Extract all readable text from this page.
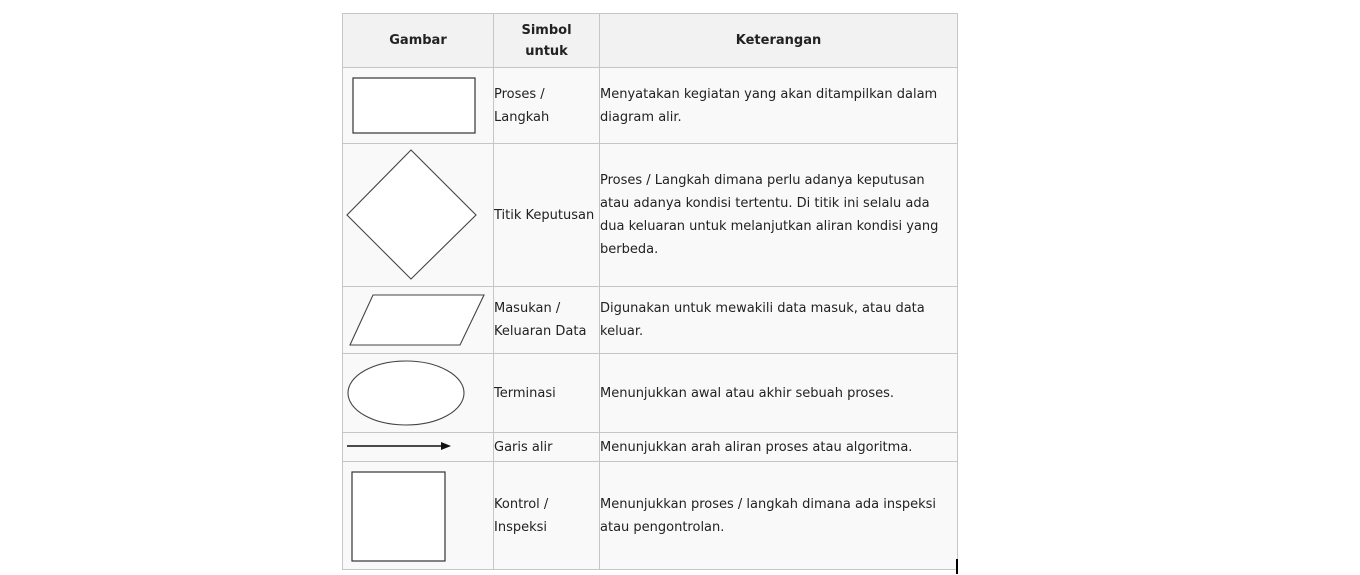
Gambar	Simbol untuk	Keterangan

	Proses / Langkah	Menyatakan kegiatan yang akan ditampilkan dalam diagram alir.

	Titik Keputusan	Proses / Langkah dimana perlu adanya keputusan atau adanya kondisi tertentu. Di titik ini selalu ada dua keluaran untuk melanjutkan aliran kondisi yang berbeda.

	Masukan / Keluaran Data	Digunakan untuk mewakili data masuk, atau data keluar.

	Terminasi	Menunjukkan awal atau akhir sebuah proses.

	Garis alir	Menunjukkan arah aliran proses atau algoritma.

	Kontrol / Inspeksi	Menunjukkan proses / langkah dimana ada inspeksi atau pengontrolan.
